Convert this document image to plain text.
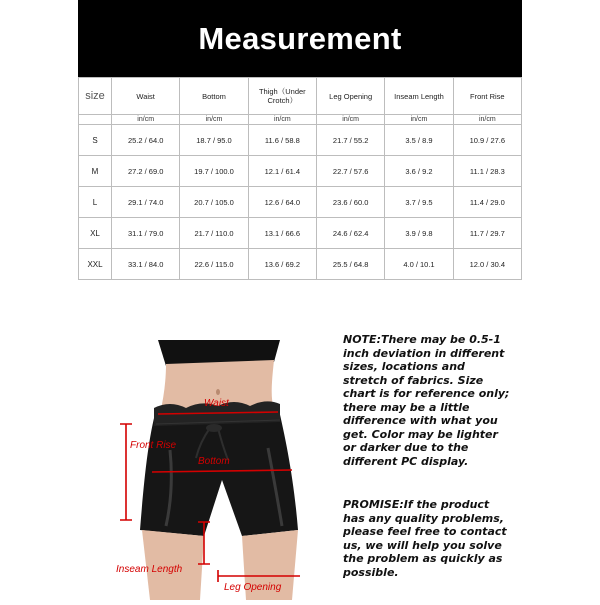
Measurement
size	Waist	Bottom	Thigh（Under Crotch）	Leg Opening	Inseam Length	Front Rise
	in/cm	in/cm	in/cm	in/cm	in/cm	in/cm
S	25.2 / 64.0	18.7 / 95.0	11.6 / 58.8	21.7 / 55.2	3.5 / 8.9	10.9 / 27.6
M	27.2 / 69.0	19.7 / 100.0	12.1 / 61.4	22.7 / 57.6	3.6 / 9.2	11.1 / 28.3
L	29.1 / 74.0	20.7 / 105.0	12.6 / 64.0	23.6 / 60.0	3.7 / 9.5	11.4 / 29.0
XL	31.1 / 79.0	21.7 / 110.0	13.1 / 66.6	24.6 / 62.4	3.9 / 9.8	11.7 / 29.7
XXL	33.1 / 84.0	22.6 / 115.0	13.6 / 69.2	25.5 / 64.8	4.0 / 10.1	12.0 / 30.4
Waist
Front Rise
Bottom
Inseam Length
Leg Opening
NOTE:There may be 0.5-1 inch deviation in different sizes, locations and stretch of fabrics. Size chart is for reference only; there may be a little difference with what you get. Color may be lighter or darker due to the different PC display.
PROMISE:If the product has any quality problems, please feel free to contact us, we will help you solve the problem as quickly as possible.
